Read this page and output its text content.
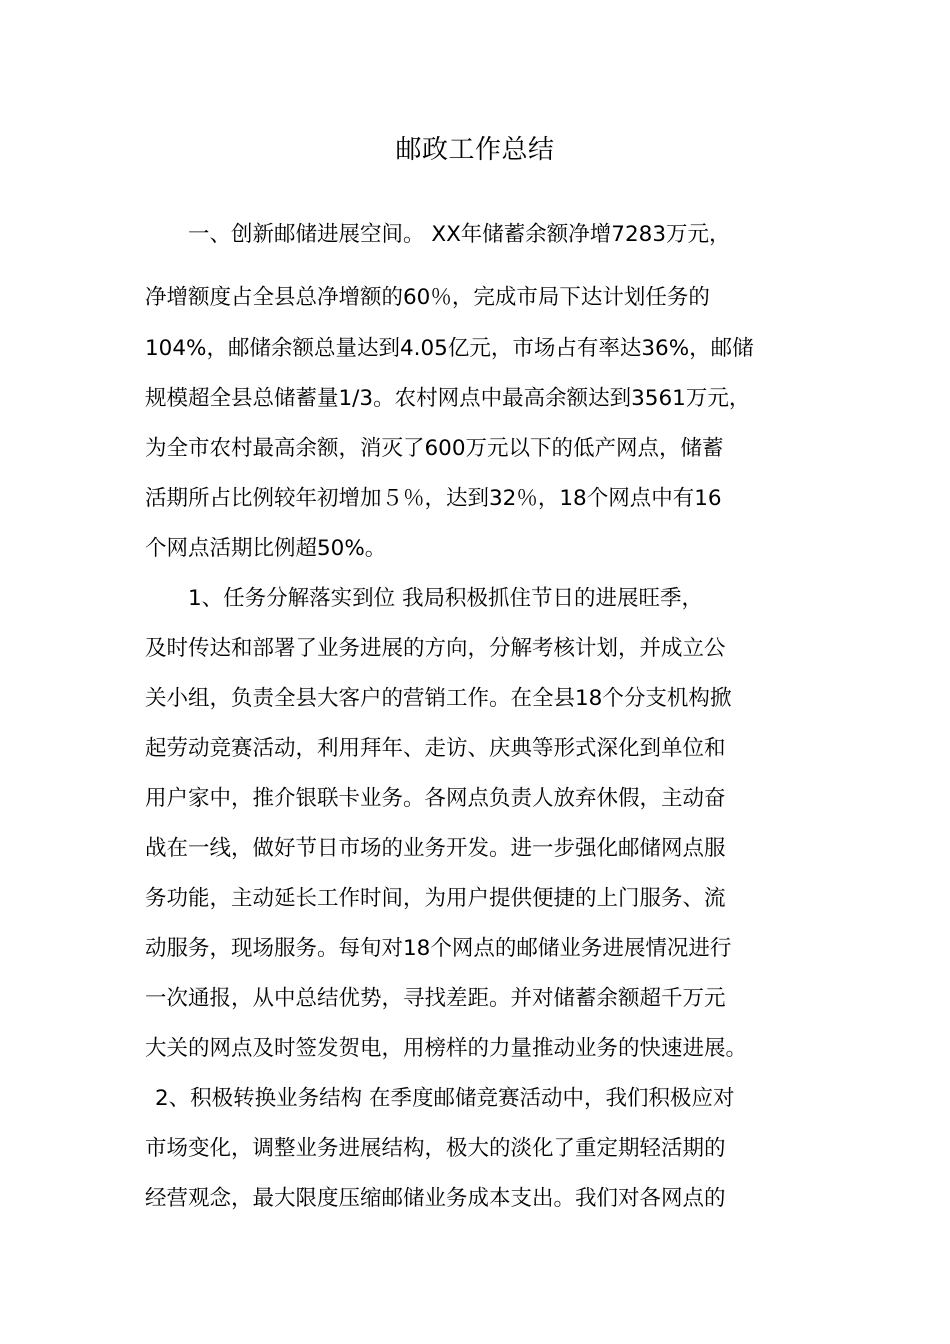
邮政工作总结
一、创新邮储进展空间。 XX年储蓄余额净增7283万元，
净增额度占全县总净增额的60％，完成市局下达计划任务的
104%，邮储余额总量达到4.05亿元，市场占有率达36%，邮储
规模超全县总储蓄量1/3。农村网点中最高余额达到3561万元，
为全市农村最高余额，消灭了600万元以下的低产网点，储蓄
活期所占比例较年初增加５％，达到32％，18个网点中有16
个网点活期比例超50%。
1、任务分解落实到位 我局积极抓住节日的进展旺季，
及时传达和部署了业务进展的方向，分解考核计划，并成立公
关小组，负责全县大客户的营销工作。在全县18个分支机构掀
起劳动竞赛活动，利用拜年、走访、庆典等形式深化到单位和
用户家中，推介银联卡业务。各网点负责人放弃休假，主动奋
战在一线，做好节日市场的业务开发。进一步强化邮储网点服
务功能，主动延长工作时间，为用户提供便捷的上门服务、流
动服务，现场服务。每旬对18个网点的邮储业务进展情况进行
一次通报，从中总结优势，寻找差距。并对储蓄余额超千万元
大关的网点及时签发贺电，用榜样的力量推动业务的快速进展。
2、积极转换业务结构 在季度邮储竞赛活动中，我们积极应对
市场变化，调整业务进展结构，极大的淡化了重定期轻活期的
经营观念，最大限度压缩邮储业务成本支出。我们对各网点的
